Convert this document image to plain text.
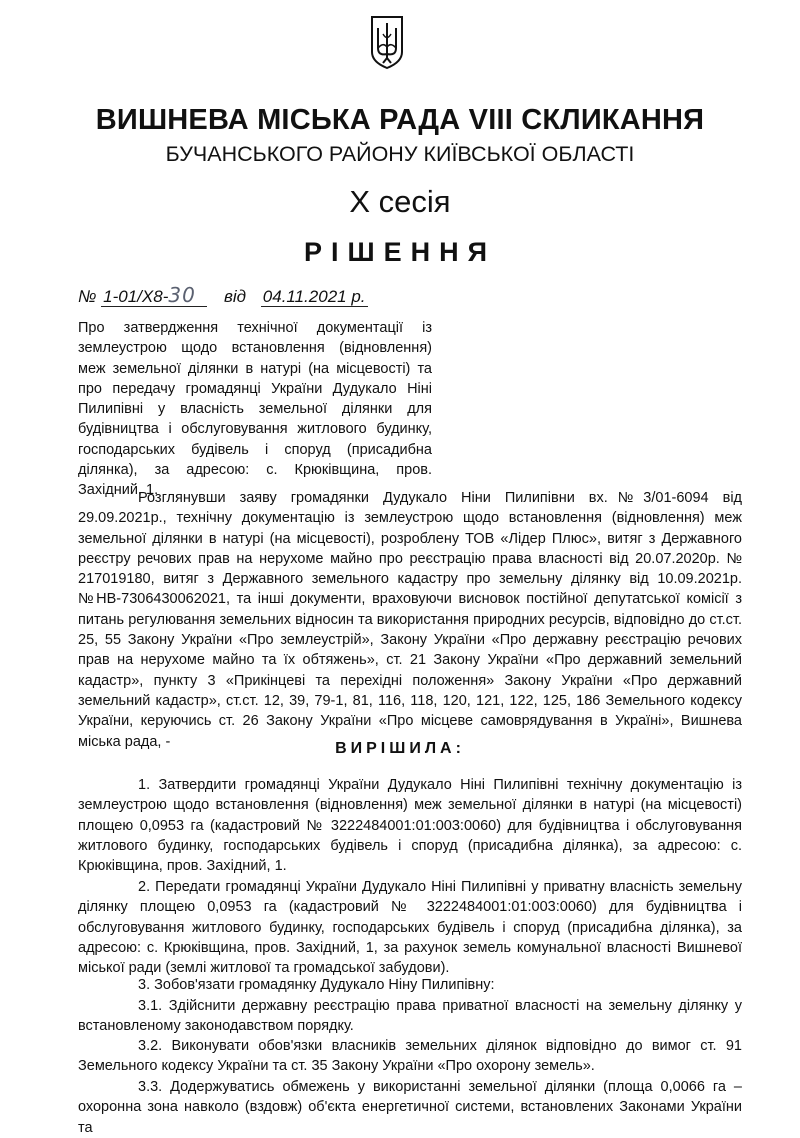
ВИШНЕВА МІСЬКА РАДА VIII СКЛИКАННЯ
БУЧАНСЬКОГО РАЙОНУ КИЇВСЬКОЇ ОБЛАСТІ
Х сесія
РІШЕННЯ
№ 1-01/Х8-30 від 04.11.2021 р.
Про затвердження технічної документації із землеустрою щодо встановлення (відновлення) меж земельної ділянки в натурі (на місцевості) та про передачу громадянці України Дудукало Ніні Пилипівні у власність земельної ділянки для будівництва і обслуговування житлового будинку, господарських будівель і споруд (присадибна ділянка), за адресою: с. Крюківщина, пров. Західний, 1.
Розглянувши заяву громадянки Дудукало Ніни Пилипівни вх.№3/01-6094 від 29.09.2021р., технічну документацію із землеустрою щодо встановлення (відновлення) меж земельної ділянки в натурі (на місцевості), розроблену ТОВ «Лідер Плюс», витяг з Державного реєстру речових прав на нерухоме майно про реєстрацію права власності від 20.07.2020р. № 217019180, витяг з Державного земельного кадастру про земельну ділянку від 10.09.2021р. №НВ-7306430062021, та інші документи, враховуючи висновок постійної депутатської комісії з питань регулювання земельних відносин та використання природних ресурсів, відповідно до ст.ст. 25, 55 Закону України «Про землеустрій», Закону України «Про державну реєстрацію речових прав на нерухоме майно та їх обтяжень», ст. 21 Закону України «Про державний земельний кадастр», пункту 3 «Прикінцеві та перехідні положення» Закону України «Про державний земельний кадастр», ст.ст. 12, 39, 79-1, 81, 116, 118, 120, 121, 122, 125, 186 Земельного кодексу України, керуючись ст. 26 Закону України «Про місцеве самоврядування в Україні», Вишнева міська рада, -	ВИРІШИЛА:
1. Затвердити громадянці України Дудукало Ніні Пилипівні технічну документацію із землеустрою щодо встановлення (відновлення) меж земельної ділянки в натурі (на місцевості) площею 0,0953 га (кадастровий № 3222484001:01:003:0060) для будівництва і обслуговування житлового будинку, господарських будівель і споруд (присадибна ділянка), за адресою: с. Крюківщина, пров. Західний, 1.
2. Передати громадянці України Дудукало Ніні Пилипівні у приватну власність земельну ділянку площею 0,0953 га (кадастровий № 3222484001:01:003:0060) для будівництва і обслуговування житлового будинку, господарських будівель і споруд (присадибна ділянка), за адресою: с. Крюківщина, пров. Західний, 1, за рахунок земель комунальної власності Вишневої міської ради (землі житлової та громадської забудови).
3. Зобов'язати громадянку Дудукало Ніну Пилипівну:
3.1. Здійснити державну реєстрацію права приватної власності на земельну ділянку у встановленому законодавством порядку.
3.2. Виконувати обов'язки власників земельних ділянок відповідно до вимог ст. 91 Земельного кодексу України та ст. 35 Закону України «Про охорону земель».
3.3. Додержуватись обмежень у використанні земельної ділянки (площа 0,0066 га – охоронна зона навколо (вздовж) об'єкта енергетичної системи, встановлених Законами України та
